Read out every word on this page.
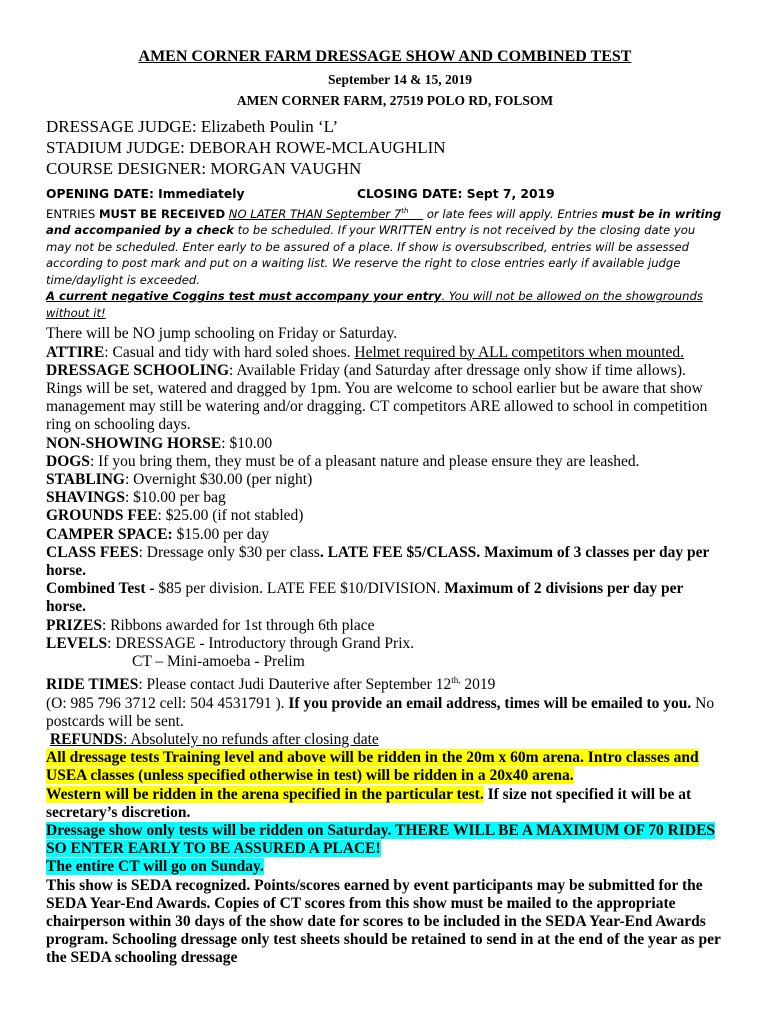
AMEN CORNER FARM DRESSAGE SHOW AND COMBINED TEST
September 14 & 15, 2019
AMEN CORNER FARM, 27519 POLO RD, FOLSOM
DRESSAGE JUDGE: Elizabeth Poulin ‘L’
STADIUM JUDGE: DEBORAH ROWE-MCLAUGHLIN
COURSE DESIGNER: MORGAN VAUGHN
OPENING DATE: Immediately	CLOSING DATE: Sept 7, 2019
ENTRIES MUST BE RECEIVED NO LATER THAN September 7th or late fees will apply. Entries must be in writing and accompanied by a check to be scheduled. If your WRITTEN entry is not received by the closing date you may not be scheduled. Enter early to be assured of a place. If show is oversubscribed, entries will be assessed according to post mark and put on a waiting list. We reserve the right to close entries early if available judge time/daylight is exceeded.
A current negative Coggins test must accompany your entry. You will not be allowed on the showgrounds without it!

There will be NO jump schooling on Friday or Saturday.

ATTIRE: Casual and tidy with hard soled shoes. Helmet required by ALL competitors when mounted.

DRESSAGE SCHOOLING: Available Friday (and Saturday after dressage only show if time allows). Rings will be set, watered and dragged by 1pm. You are welcome to school earlier but be aware that show management may still be watering and/or dragging. CT competitors ARE allowed to school in competition ring on schooling days.

NON-SHOWING HORSE: $10.00

DOGS: If you bring them, they must be of a pleasant nature and please ensure they are leashed.

STABLING: Overnight $30.00 (per night)

SHAVINGS: $10.00 per bag

GROUNDS FEE: $25.00 (if not stabled)

CAMPER SPACE: $15.00 per day

CLASS FEES: Dressage only $30 per class. LATE FEE $5/CLASS. Maximum of 3 classes per day per horse.

Combined Test - $85 per division. LATE FEE $10/DIVISION. Maximum of 2 divisions per day per horse.

PRIZES: Ribbons awarded for 1st through 6th place

LEVELS: DRESSAGE - Introductory through Grand Prix.

CT – Mini-amoeba - Prelim

RIDE TIMES: Please contact Judi Dauterive after September $12^{th,}$ 2019

(O: 985 796 3712 cell: 504 4531791 ). If you provide an email address, times will be emailed to you. No postcards will be sent.

REFUNDS: Absolutely no refunds after closing date

All dressage tests Training level and above will be ridden in the 20m x 60m arena. Intro classes and USEA classes (unless specified otherwise in test) will be ridden in a 20x40 arena.

Western will be ridden in the arena specified in the particular test. If size not specified it will be at secretary’s discretion.

Dressage show only tests will be ridden on Saturday. THERE WILL BE A MAXIMUM OF 70 RIDES SO ENTER EARLY TO BE ASSURED A PLACE!

The entire CT will go on Sunday.

This show is SEDA recognized. Points/scores earned by event participants may be submitted for the SEDA Year-End Awards. Copies of CT scores from this show must be mailed to the appropriate chairperson within 30 days of the show date for scores to be included in the SEDA Year-End Awards program. Schooling dressage only test sheets should be retained to send in at the end of the year as per the SEDA schooling dressage
